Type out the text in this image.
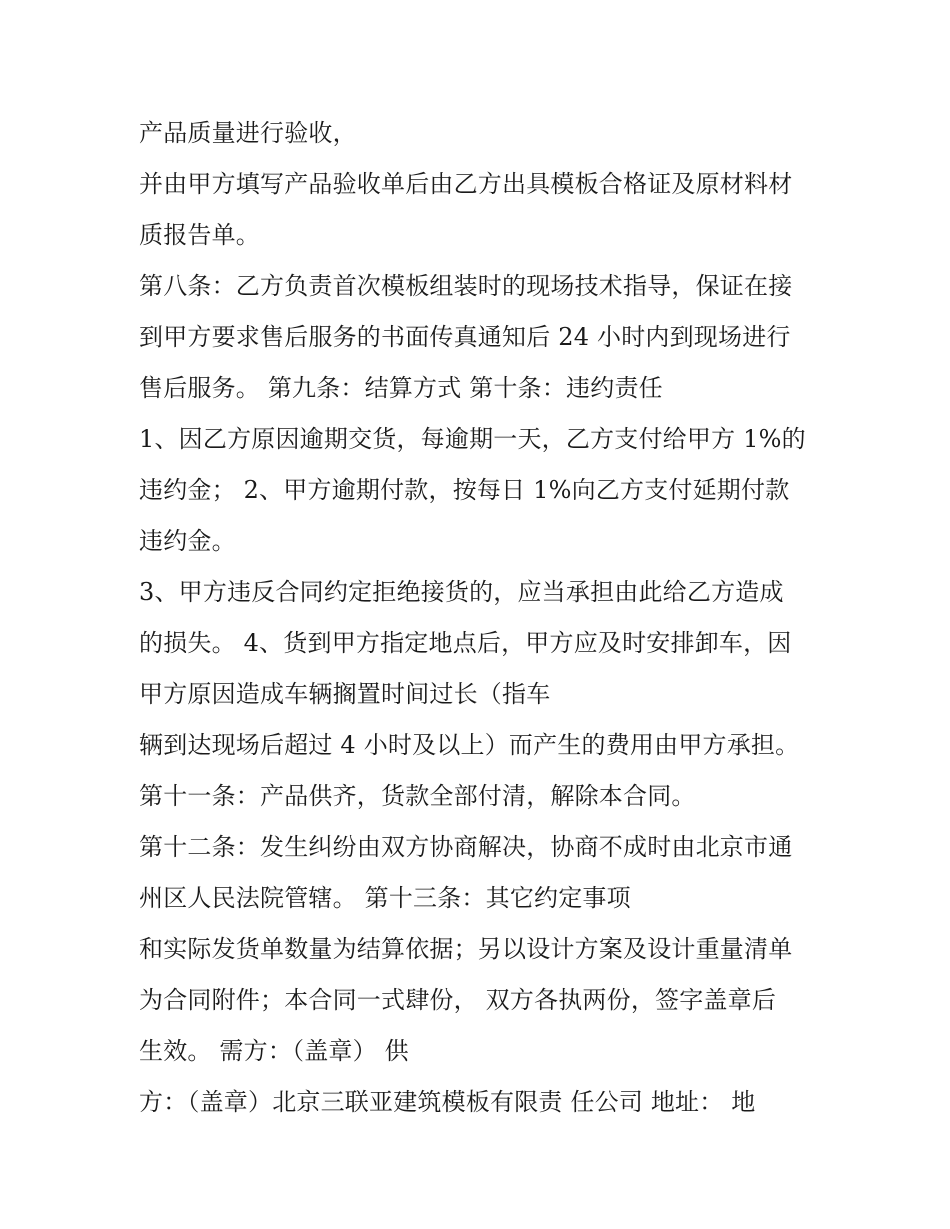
产品质量进行验收，
并由甲方填写产品验收单后由乙方出具模板合格证及原材料材
质报告单。
第八条：乙方负责首次模板组装时的现场技术指导，保证在接
到甲方要求售后服务的书面传真通知后 24 小时内到现场进行
售后服务。 第九条：结算方式 第十条：违约责任
1、因乙方原因逾期交货，每逾期一天，乙方支付给甲方 1%的
违约金； 2、甲方逾期付款，按每日 1%向乙方支付延期付款
违约金。
3、甲方违反合同约定拒绝接货的，应当承担由此给乙方造成
的损失。 4、货到甲方指定地点后，甲方应及时安排卸车，因
甲方原因造成车辆搁置时间过长（指车
辆到达现场后超过 4 小时及以上）而产生的费用由甲方承担。
第十一条：产品供齐，货款全部付清，解除本合同。
第十二条：发生纠纷由双方协商解决，协商不成时由北京市通
州区人民法院管辖。 第十三条：其它约定事项
和实际发货单数量为结算依据；另以设计方案及设计重量清单
为合同附件；本合同一式肆份， 双方各执两份，签字盖章后
生效。 需方：（盖章） 供
方：（盖章）北京三联亚建筑模板有限责 任公司 地址： 地
